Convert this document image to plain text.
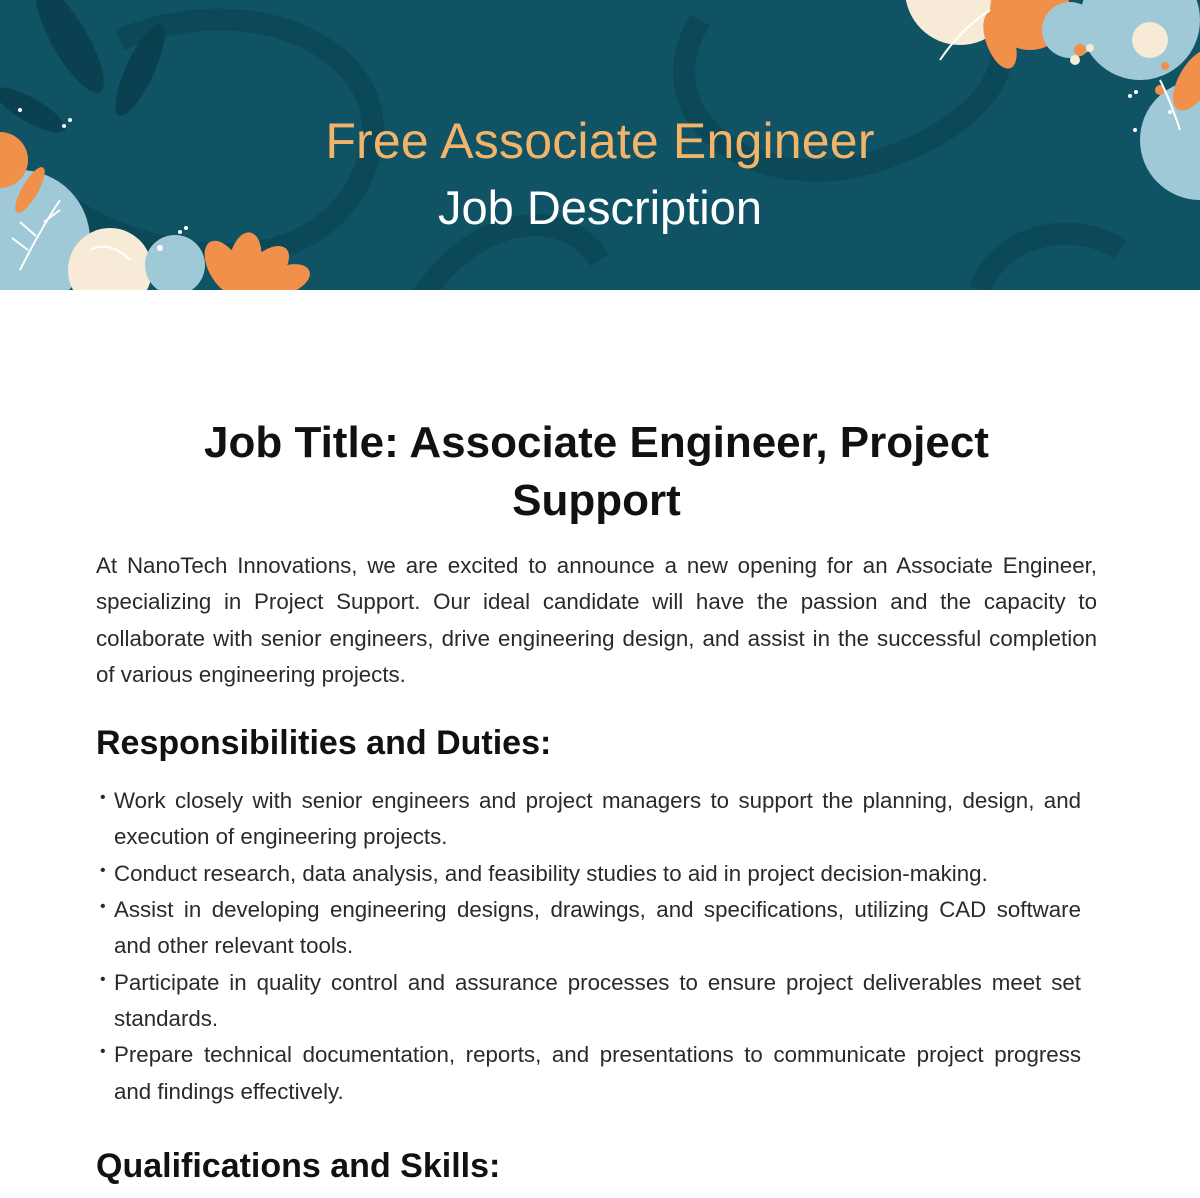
Free Associate Engineer
Job Description
Job Title: Associate Engineer, Project Support

At NanoTech Innovations, we are excited to announce a new opening for an Associate Engineer, specializing in Project Support. Our ideal candidate will have the passion and the capacity to collaborate with senior engineers, drive engineering design, and assist in the successful completion of various engineering projects.

Responsibilities and Duties:
• Work closely with senior engineers and project managers to support the planning, design, and execution of engineering projects.
• Conduct research, data analysis, and feasibility studies to aid in project decision-making.
• Assist in developing engineering designs, drawings, and specifications, utilizing CAD software and other relevant tools.
• Participate in quality control and assurance processes to ensure project deliverables meet set standards.
• Prepare technical documentation, reports, and presentations to communicate project progress and findings effectively.
Qualifications and Skills:
